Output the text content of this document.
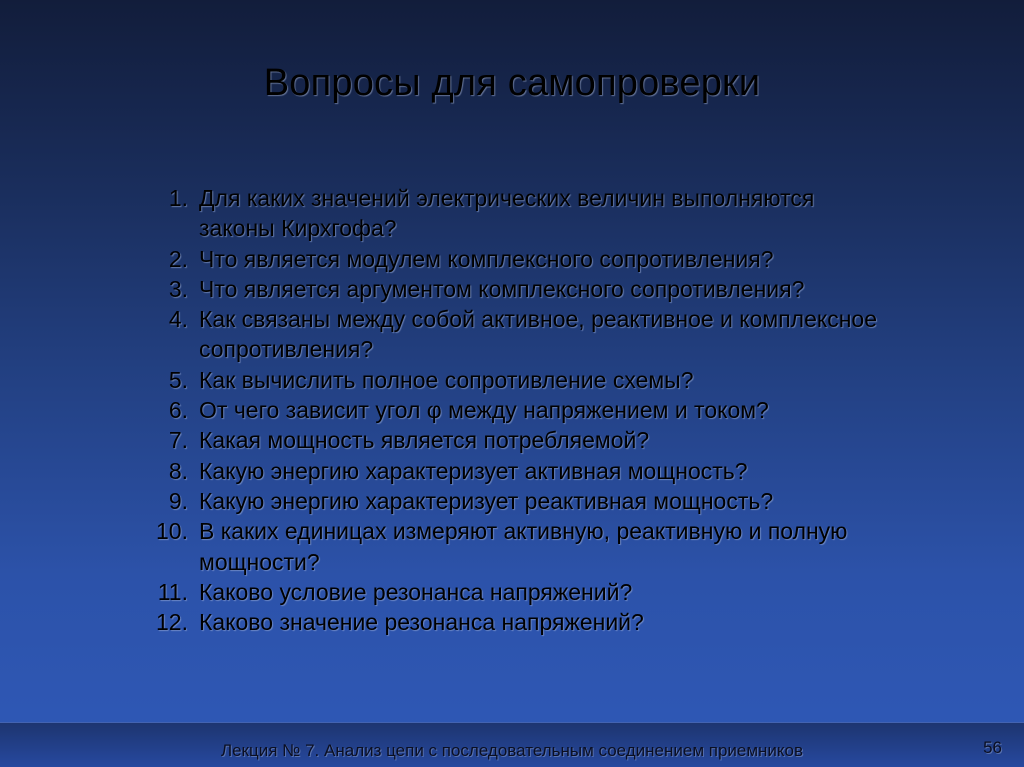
Вопросы для самопроверки
1. Для каких значений электрических величин выполняются законы Кирхгофа?
2. Что является модулем комплексного сопротивления?
3. Что является аргументом комплексного сопротивления?
4. Как связаны между собой активное, реактивное и комплексное сопротивления?
5. Как вычислить полное сопротивление схемы?
6. От чего зависит угол φ между напряжением и током?
7. Какая мощность является потребляемой?
8. Какую энергию характеризует активная мощность?
9. Какую энергию характеризует реактивная мощность?
10. В каких единицах измеряют активную, реактивную и полную мощности?
11. Каково условие резонанса напряжений?
12. Каково значение резонанса напряжений?
Лекция № 7. Анализ цепи с последовательным соединением приемников	56
